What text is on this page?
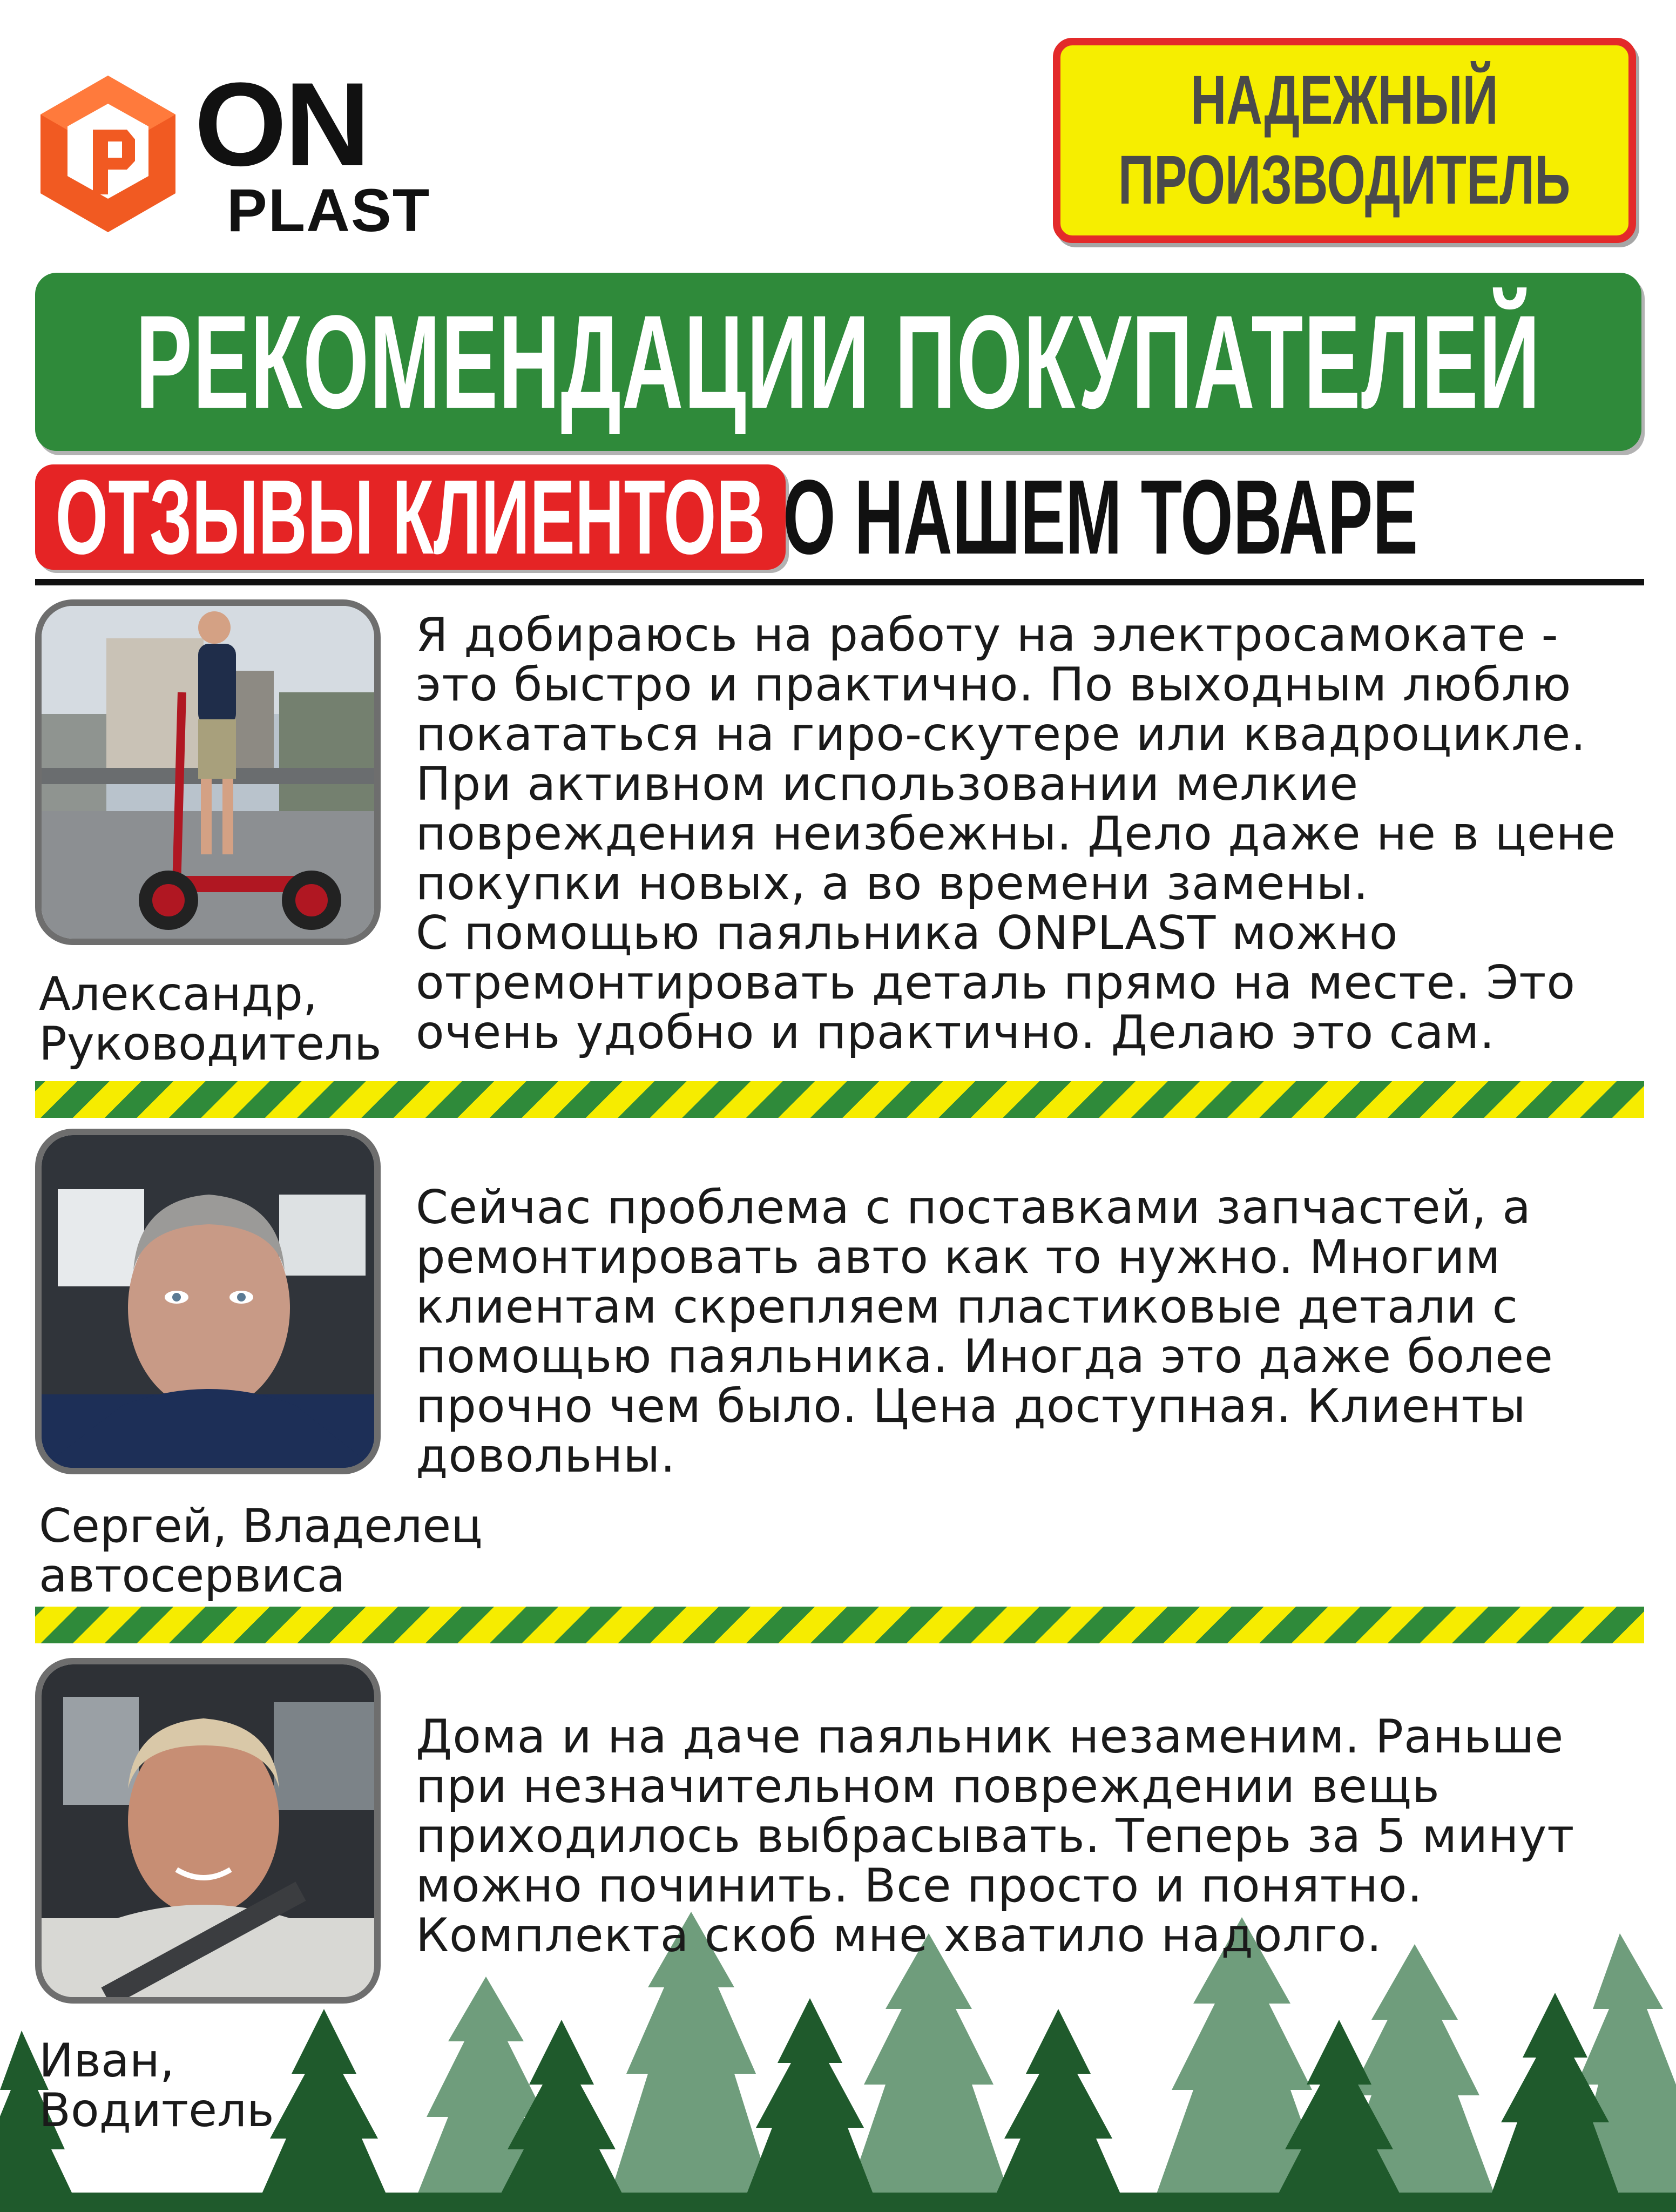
ON
PLAST
НАДЕЖНЫЙ
ПРОИЗВОДИТЕЛЬ
РЕКОМЕНДАЦИИ ПОКУПАТЕЛЕЙ
ОТЗЫВЫ КЛИЕНТОВ О НАШЕМ ТОВАРЕ
Я добираюсь на работу на электросамокате -
это быстро и практично. По выходным люблю
покататься на гиро-скутере или квадроцикле.
При активном использовании мелкие
повреждения неизбежны. Дело даже не в цене
покупки новых, а во времени замены.
С помощью паяльника ONPLAST можно
отремонтировать деталь прямо на месте. Это
очень удобно и практично. Делаю это сам.
Александр,
Руководитель
Сейчас проблема с поставками запчастей, а
ремонтировать авто как то нужно. Многим
клиентам скрепляем пластиковые детали с
помощью паяльника. Иногда это даже более
прочно чем было. Цена доступная. Клиенты
довольны.
Сергей, Владелец
автосервиса
Дома и на даче паяльник незаменим. Раньше
при незначительном повреждении вещь
приходилось выбрасывать. Теперь за 5 минут
можно починить. Все просто и понятно.
Комплекта скоб мне хватило надолго.
Иван,
Водитель
